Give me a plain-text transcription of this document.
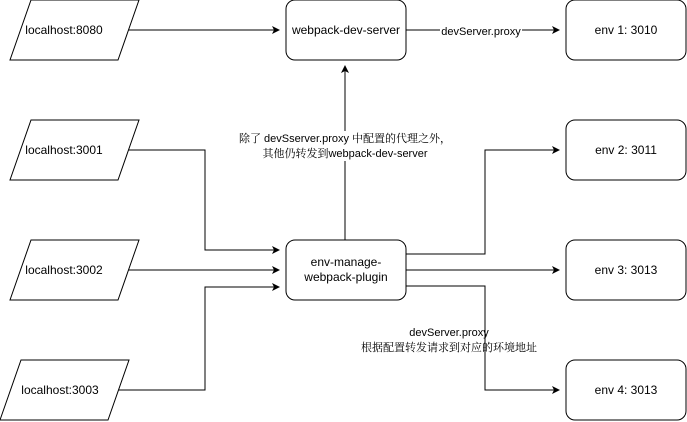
devServer.proxy
除了 devSserver.proxy 中配置的代理之外，
其他仍转发到webpack-dev-server
devServer.proxy
根据配置转发请求到对应的环境地址
localhost:8080
localhost:3001
localhost:3002
localhost:3003
webpack-dev-server
env-manage-
webpack-plugin
env 1: 3010
env 2: 3011
env 3: 3013
env 4: 3013
